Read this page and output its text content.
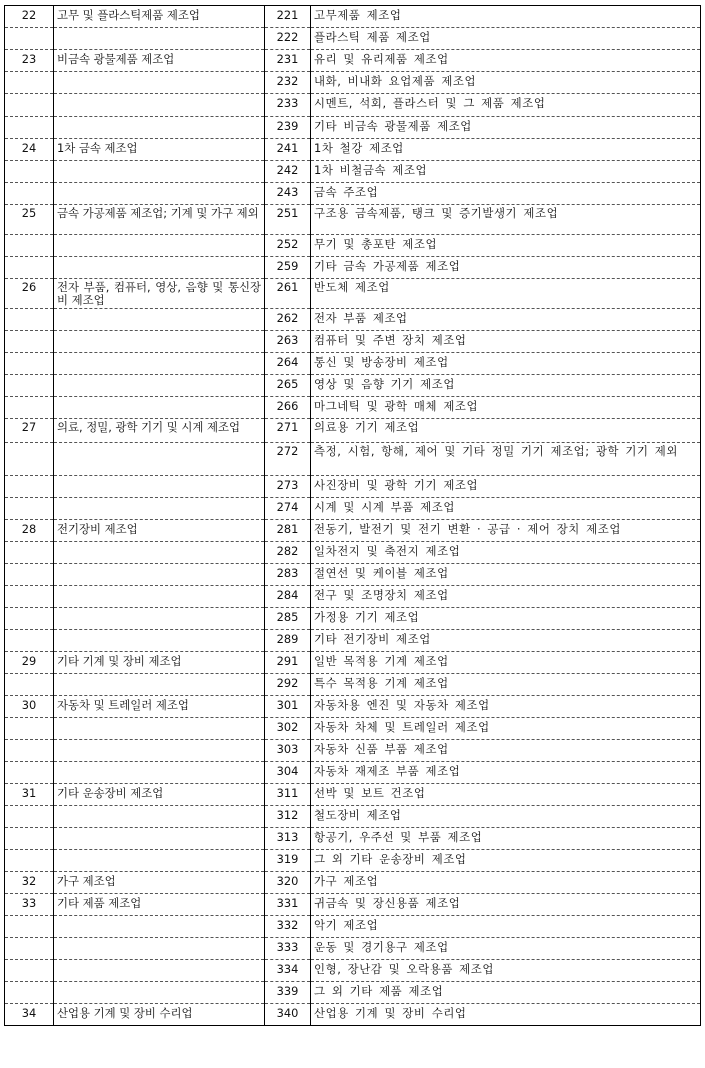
22	고무 및 플라스틱제품 제조업	221	고무제품 제조업
		222	플라스틱 제품 제조업
23	비금속 광물제품 제조업	231	유리 및 유리제품 제조업
		232	내화, 비내화 요업제품 제조업
		233	시멘트, 석회, 플라스터 및 그 제품 제조업
		239	기타 비금속 광물제품 제조업
24	1차 금속 제조업	241	1차 철강 제조업
		242	1차 비철금속 제조업
		243	금속 주조업
25	금속 가공제품 제조업; 기계 및 가구 제외	251	구조용 금속제품, 탱크 및 증기발생기 제조업
		252	무기 및 총포탄 제조업
		259	기타 금속 가공제품 제조업
26	전자 부품, 컴퓨터, 영상, 음향 및 통신장비 제조업	261	반도체 제조업
		262	전자 부품 제조업
		263	컴퓨터 및 주변 장치 제조업
		264	통신 및 방송장비 제조업
		265	영상 및 음향 기기 제조업
		266	마그네틱 및 광학 매체 제조업
27	의료, 정밀, 광학 기기 및 시계 제조업	271	의료용 기기 제조업
		272	측정, 시험, 항해, 제어 및 기타 정밀 기기 제조업; 광학 기기 제외
		273	사진장비 및 광학 기기 제조업
		274	시계 및 시계 부품 제조업
28	전기장비 제조업	281	전동기, 발전기 및 전기 변환 · 공급 · 제어 장치 제조업
		282	일차전지 및 축전지 제조업
		283	절연선 및 케이블 제조업
		284	전구 및 조명장치 제조업
		285	가정용 기기 제조업
		289	기타 전기장비 제조업
29	기타 기계 및 장비 제조업	291	일반 목적용 기계 제조업
		292	특수 목적용 기계 제조업
30	자동차 및 트레일러 제조업	301	자동차용 엔진 및 자동차 제조업
		302	자동차 차체 및 트레일러 제조업
		303	자동차 신품 부품 제조업
		304	자동차 재제조 부품 제조업
31	기타 운송장비 제조업	311	선박 및 보트 건조업
		312	철도장비 제조업
		313	항공기, 우주선 및 부품 제조업
		319	그 외 기타 운송장비 제조업
32	가구 제조업	320	가구 제조업
33	기타 제품 제조업	331	귀금속 및 장신용품 제조업
		332	악기 제조업
		333	운동 및 경기용구 제조업
		334	인형, 장난감 및 오락용품 제조업
		339	그 외 기타 제품 제조업
34	산업용 기계 및 장비 수리업	340	산업용 기계 및 장비 수리업
